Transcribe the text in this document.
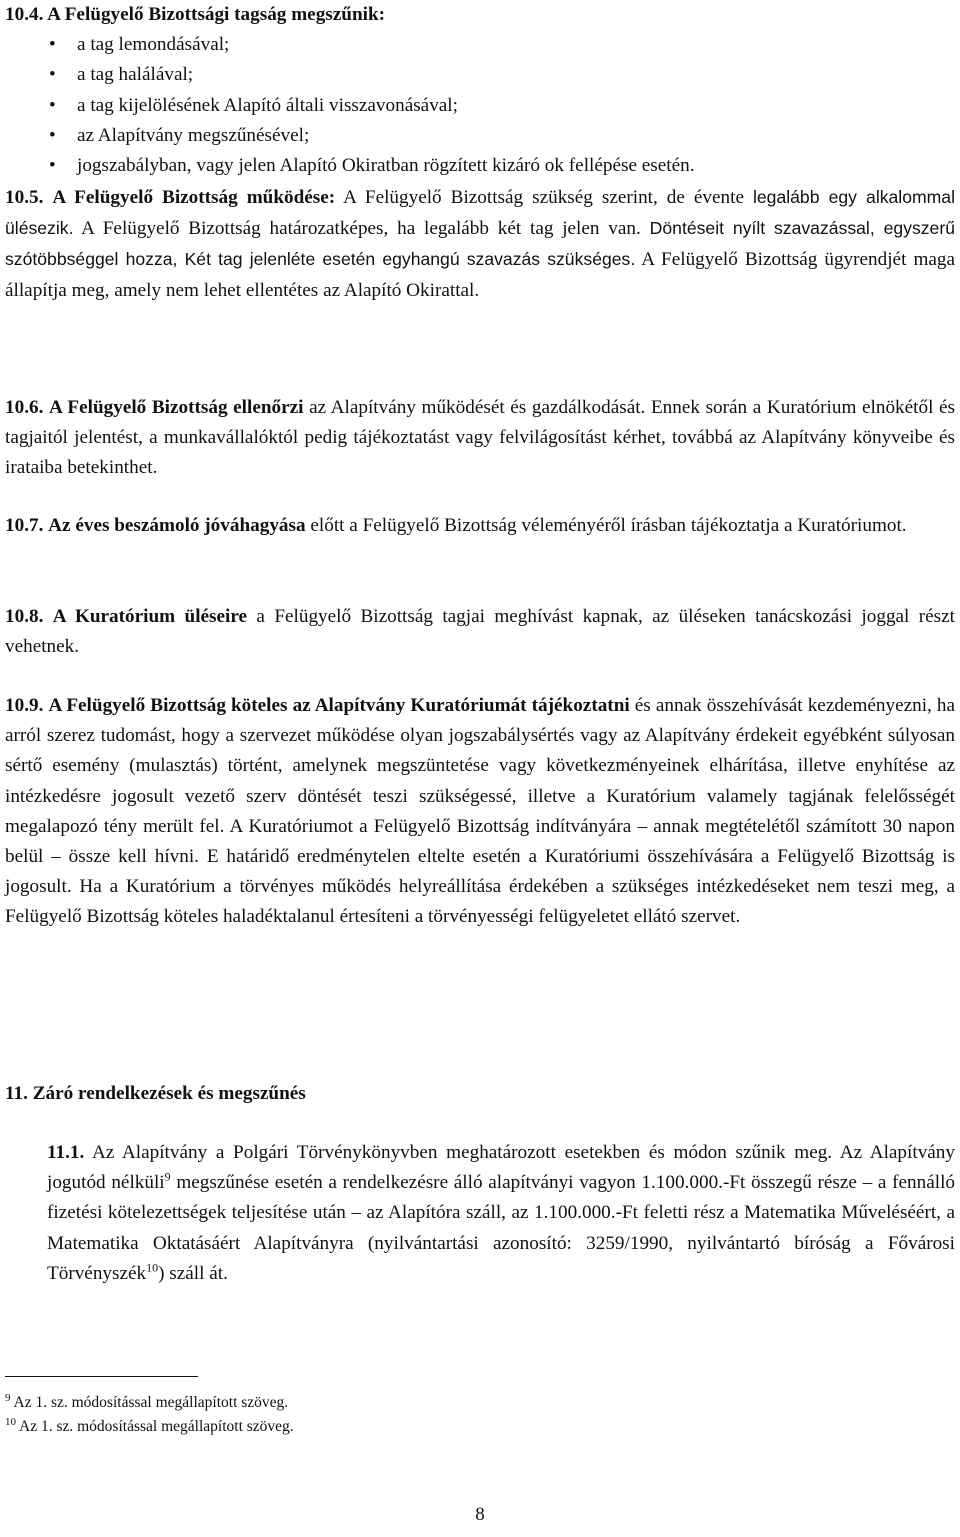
10.4. A Felügyelő Bizottsági tagság megszűnik:

• a tag lemondásával;
• a tag halálával;
• a tag kijelölésének Alapító általi visszavonásával;
• az Alapítvány megszűnésével;
• jogszabályban, vagy jelen Alapító Okiratban rögzített kizáró ok fellépése esetén.

10.5. A Felügyelő Bizottság működése: A Felügyelő Bizottság szükség szerint, de évente legalább egy alkalommal ülésezik. A Felügyelő Bizottság határozatképes, ha legalább két tag jelen van. Döntéseit nyílt szavazással, egyszerű szótöbbséggel hozza, Két tag jelenléte esetén egyhangú szavazás szükséges. A Felügyelő Bizottság ügyrendjét maga állapítja meg, amely nem lehet ellentétes az Alapító Okirattal.

10.6. A Felügyelő Bizottság ellenőrzi az Alapítvány működését és gazdálkodását. Ennek során a Kuratórium elnökétől és tagjaitól jelentést, a munkavállalóktól pedig tájékoztatást vagy felvilágosítást kérhet, továbbá az Alapítvány könyveibe és irataiba betekinthet.

10.7. Az éves beszámoló jóváhagyása előtt a Felügyelő Bizottság véleményéről írásban tájékoztatja a Kuratóriumot.

10.8. A Kuratórium üléseire a Felügyelő Bizottság tagjai meghívást kapnak, az üléseken tanácskozási joggal részt vehetnek.

10.9. A Felügyelő Bizottság köteles az Alapítvány Kuratóriumát tájékoztatni és annak összehívását kezdeményezni, ha arról szerez tudomást, hogy a szervezet működése olyan jogszabálysértés vagy az Alapítvány érdekeit egyébként súlyosan sértő esemény (mulasztás) történt, amelynek megszüntetése vagy következményeinek elhárítása, illetve enyhítése az intézkedésre jogosult vezető szerv döntését teszi szükségessé, illetve a Kuratórium valamely tagjának felelősségét megalapozó tény merült fel. A Kuratóriumot a Felügyelő Bizottság indítványára – annak megtételétől számított 30 napon belül – össze kell hívni. E határidő eredménytelen eltelte esetén a Kuratóriumi összehívására a Felügyelő Bizottság is jogosult. Ha a Kuratórium a törvényes működés helyreállítása érdekében a szükséges intézkedéseket nem teszi meg, a Felügyelő Bizottság köteles haladéktalanul értesíteni a törvényességi felügyeletet ellátó szervet.

11. Záró rendelkezések és megszűnés

11.1. Az Alapítvány a Polgári Törvénykönyvben meghatározott esetekben és módon szűnik meg. Az Alapítvány jogutód nélküli$^9$ megszűnése esetén a rendelkezésre álló alapítványi vagyon 1.100.000.-Ft összegű része – a fennálló fizetési kötelezettségek teljesítése után – az Alapítóra száll, az 1.100.000.-Ft feletti rész a Matematika Műveléséért, a Matematika Oktatásáért Alapítványra (nyilvántartási azonosító: 3259/1990, nyilvántartó bíróság a Fővárosi Törvényszék$^{10}$) száll át.

$^9$ Az 1. sz. módosítással megállapított szöveg.
$^{10}$ Az 1. sz. módosítással megállapított szöveg.
8
